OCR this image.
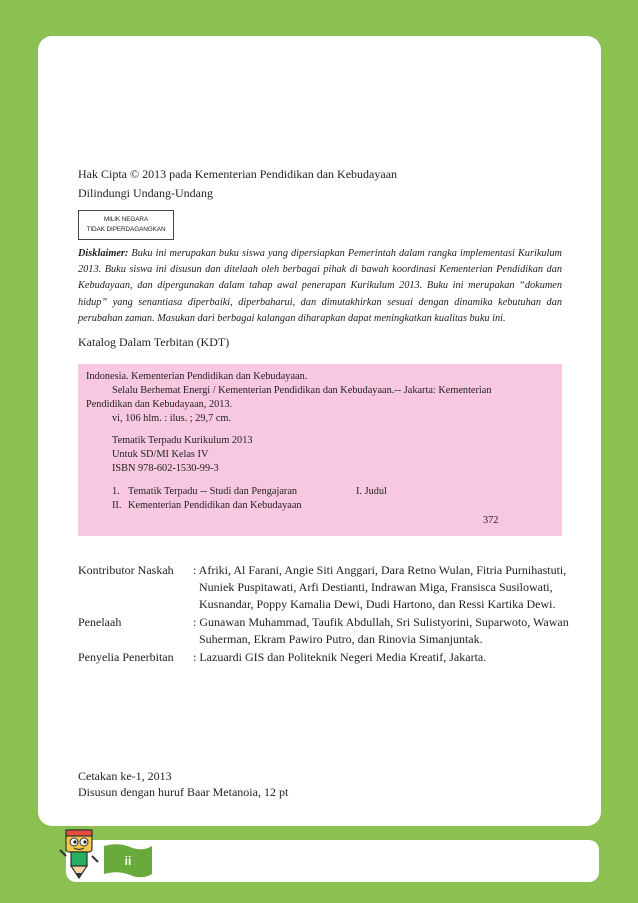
Hak Cipta © 2013 pada Kementerian Pendidikan dan Kebudayaan
Dilindungi Undang-Undang
MILIK NEGARA
TIDAK DIPERDAGANGKAN
Disklaimer: Buku ini merupakan buku siswa yang dipersiapkan Pemerintah dalam rangka implementasi Kurikulum 2013. Buku siswa ini disusun dan ditelaah oleh berbagai pihak di bawah koordinasi Kementerian Pendidikan dan Kebudayaan, dan dipergunakan dalam tahap awal penerapan Kurikulum 2013. Buku ini merupakan “dokumen hidup” yang senantiasa diperbaiki, diperbaharui, dan dimutakhirkan sesuai dengan dinamika kebutuhan dan perubahan zaman. Masukan dari berbagai kalangan diharapkan dapat meningkatkan kualitas buku ini.
Katalog Dalam Terbitan (KDT)
Indonesia. Kementerian Pendidikan dan Kebudayaan.
Selalu Berhemat Energi / Kementerian Pendidikan dan Kebudayaan.-- Jakarta: Kementerian
Pendidikan dan Kebudayaan, 2013.
vi, 106 hlm. : ilus. ; 29,7 cm.
Tematik Terpadu Kurikulum 2013
Untuk SD/MI Kelas IV
ISBN 978-602-1530-99-3
1. Tematik Terpadu -- Studi dan Pengajaran	I. Judul
II. Kementerian Pendidikan dan Kebudayaan
372
Kontributor Naskah : Afriki, Al Farani, Angie Siti Anggari, Dara Retno Wulan, Fitria Purnihastuti,
Nuniek Puspitawati, Arfi Destianti, Indrawan Miga, Fransisca Susilowati,
Kusnandar, Poppy Kamalia Dewi, Dudi Hartono, dan Ressi Kartika Dewi.
Penelaah	: Gunawan Muhammad, Taufik Abdullah, Sri Sulistyorini, Suparwoto, Wawan
Suherman, Ekram Pawiro Putro, dan Rinovia Simanjuntak.
Penyelia Penerbitan : Lazuardi GIS dan Politeknik Negeri Media Kreatif, Jakarta.
Cetakan ke-1, 2013
Disusun dengan huruf Baar Metanoia, 12 pt
ii
